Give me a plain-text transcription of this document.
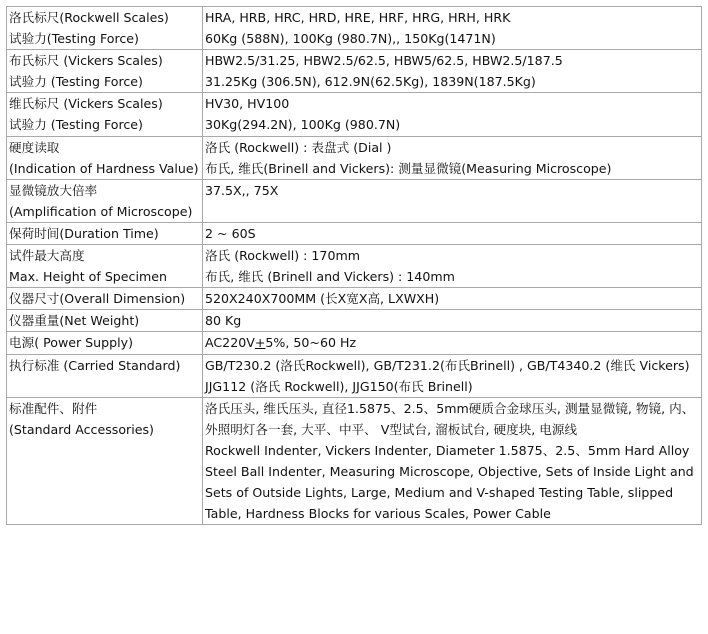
洛氏标尺(Rockwell Scales)
试验力(Testing Force)	HRA, HRB, HRC, HRD, HRE, HRF, HRG, HRH, HRK
60Kg (588N), 100Kg (980.7N),, 150Kg(1471N)

布氏标尺 (Vickers Scales)
试验力 (Testing Force)	HBW2.5/31.25, HBW2.5/62.5, HBW5/62.5, HBW2.5/187.5
31.25Kg (306.5N), 612.9N(62.5Kg), 1839N(187.5Kg)

维氏标尺 (Vickers Scales)
试验力 (Testing Force)	HV30, HV100
30Kg(294.2N), 100Kg (980.7N)

硬度读取
(Indication of Hardness Value)	洛氏 (Rockwell) : 表盘式 (Dial )
布氏, 维氏(Brinell and Vickers): 测量显微镜(Measuring Microscope)

显微镜放大倍率
(Amplification of Microscope)	37.5X,, 75X

保荷时间(Duration Time)	2 ~ 60S

试件最大高度
Max. Height of Specimen	洛氏 (Rockwell) : 170mm
布氏, 维氏 (Brinell and Vickers) : 140mm

仪器尺寸(Overall Dimension)	520X240X700MM (长X宽X高, LXWXH)

仪器重量(Net Weight)	80 Kg

电源( Power Supply)	AC220V+5%, 50~60 Hz

执行标准 (Carried Standard)	GB/T230.2 (洛氏Rockwell), GB/T231.2(布氏Brinell) , GB/T4340.2 (维氏 Vickers)
JJG112 (洛氏 Rockwell), JJG150(布氏 Brinell)

标准配件、附件
(Standard Accessories)	洛氏压头, 维氏压头, 直径1.5875、2.5、5mm硬质合金球压头, 测量显微镜, 物镜, 内、外照明灯各一套, 大平、中平、 V型试台, 溜板试台, 硬度块, 电源线
Rockwell Indenter, Vickers Indenter, Diameter 1.5875、2.5、5mm Hard Alloy Steel Ball Indenter, Measuring Microscope, Objective, Sets of Inside Light and Sets of Outside Lights, Large, Medium and V-shaped Testing Table, slipped Table, Hardness Blocks for various Scales, Power Cable
